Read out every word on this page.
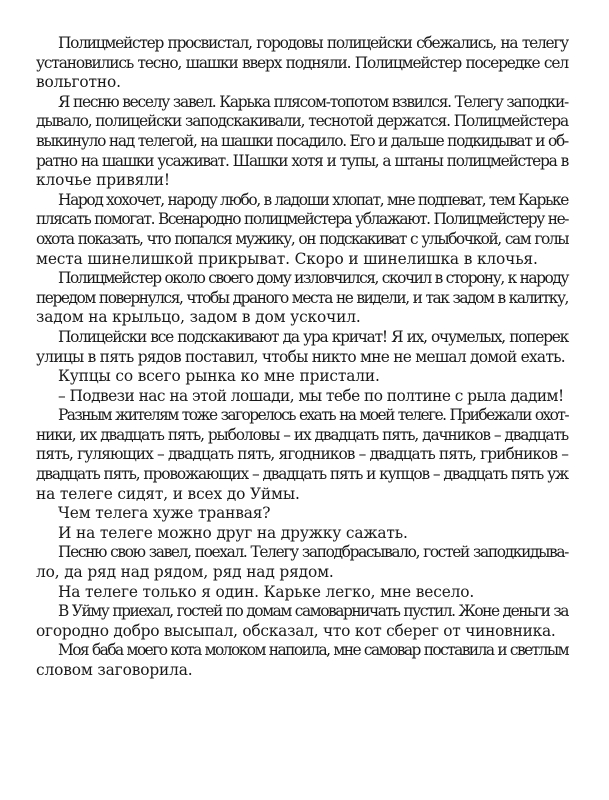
Полицмейстер просвистал, городовы полицейски сбежались, на телегу
установились тесно, шашки вверх подняли. Полицмейстер посередке сел
вольготно.
Я песню веселу завел. Карька плясом-топотом взвился. Телегу заподки-
дывало, полицейски заподскакивали, теснотой держатся. Полицмейстера
выкинуло над телегой, на шашки посадило. Его и дальше подкидыват и об-
ратно на шашки усаживат. Шашки хотя и тупы, а штаны полицмейстера в
клочье привяли!
Народ хохочет, народу любо, в ладоши хлопат, мне подпеват, тем Карьке
плясать помогат. Всенародно полицмейстера ублажают. Полицмейстеру не-
охота показать, что попался мужику, он подскакиват с улыбочкой, сам голы
места шинелишкой прикрыват. Скоро и шинелишка в клочья.
Полицмейстер около своего дому изловчился, скочил в сторону, к народу
передом повернулся, чтобы драного места не видели, и так задом в калитку,
задом на крыльцо, задом в дом ускочил.
Полицейски все подскакивают да ура кричат! Я их, очумелых, поперек
улицы в пять рядов поставил, чтобы никто мне не мешал домой ехать.
Купцы со всего рынка ко мне пристали.
– Подвези нас на этой лошади, мы тебе по полтине с рыла дадим!
Разным жителям тоже загорелось ехать на моей телеге. Прибежали охот-
ники, их двадцать пять, рыболовы – их двадцать пять, дачников – двадцать
пять, гуляющих – двадцать пять, ягодников – двадцать пять, грибников –
двадцать пять, провожающих – двадцать пять и купцов – двадцать пять уж
на телеге сидят, и всех до Уймы.
Чем телега хуже транвая?
И на телеге можно друг на дружку сажать.
Песню свою завел, поехал. Телегу заподбрасывало, гостей заподкидыва-
ло, да ряд над рядом, ряд над рядом.
На телеге только я один. Карьке легко, мне весело.
В Уйму приехал, гостей по домам самоварничать пустил. Жоне деньги за
огородно добро высыпал, обсказал, что кот сберег от чиновника.
Моя баба моего кота молоком напоила, мне самовар поставила и светлым
словом заговорила.
